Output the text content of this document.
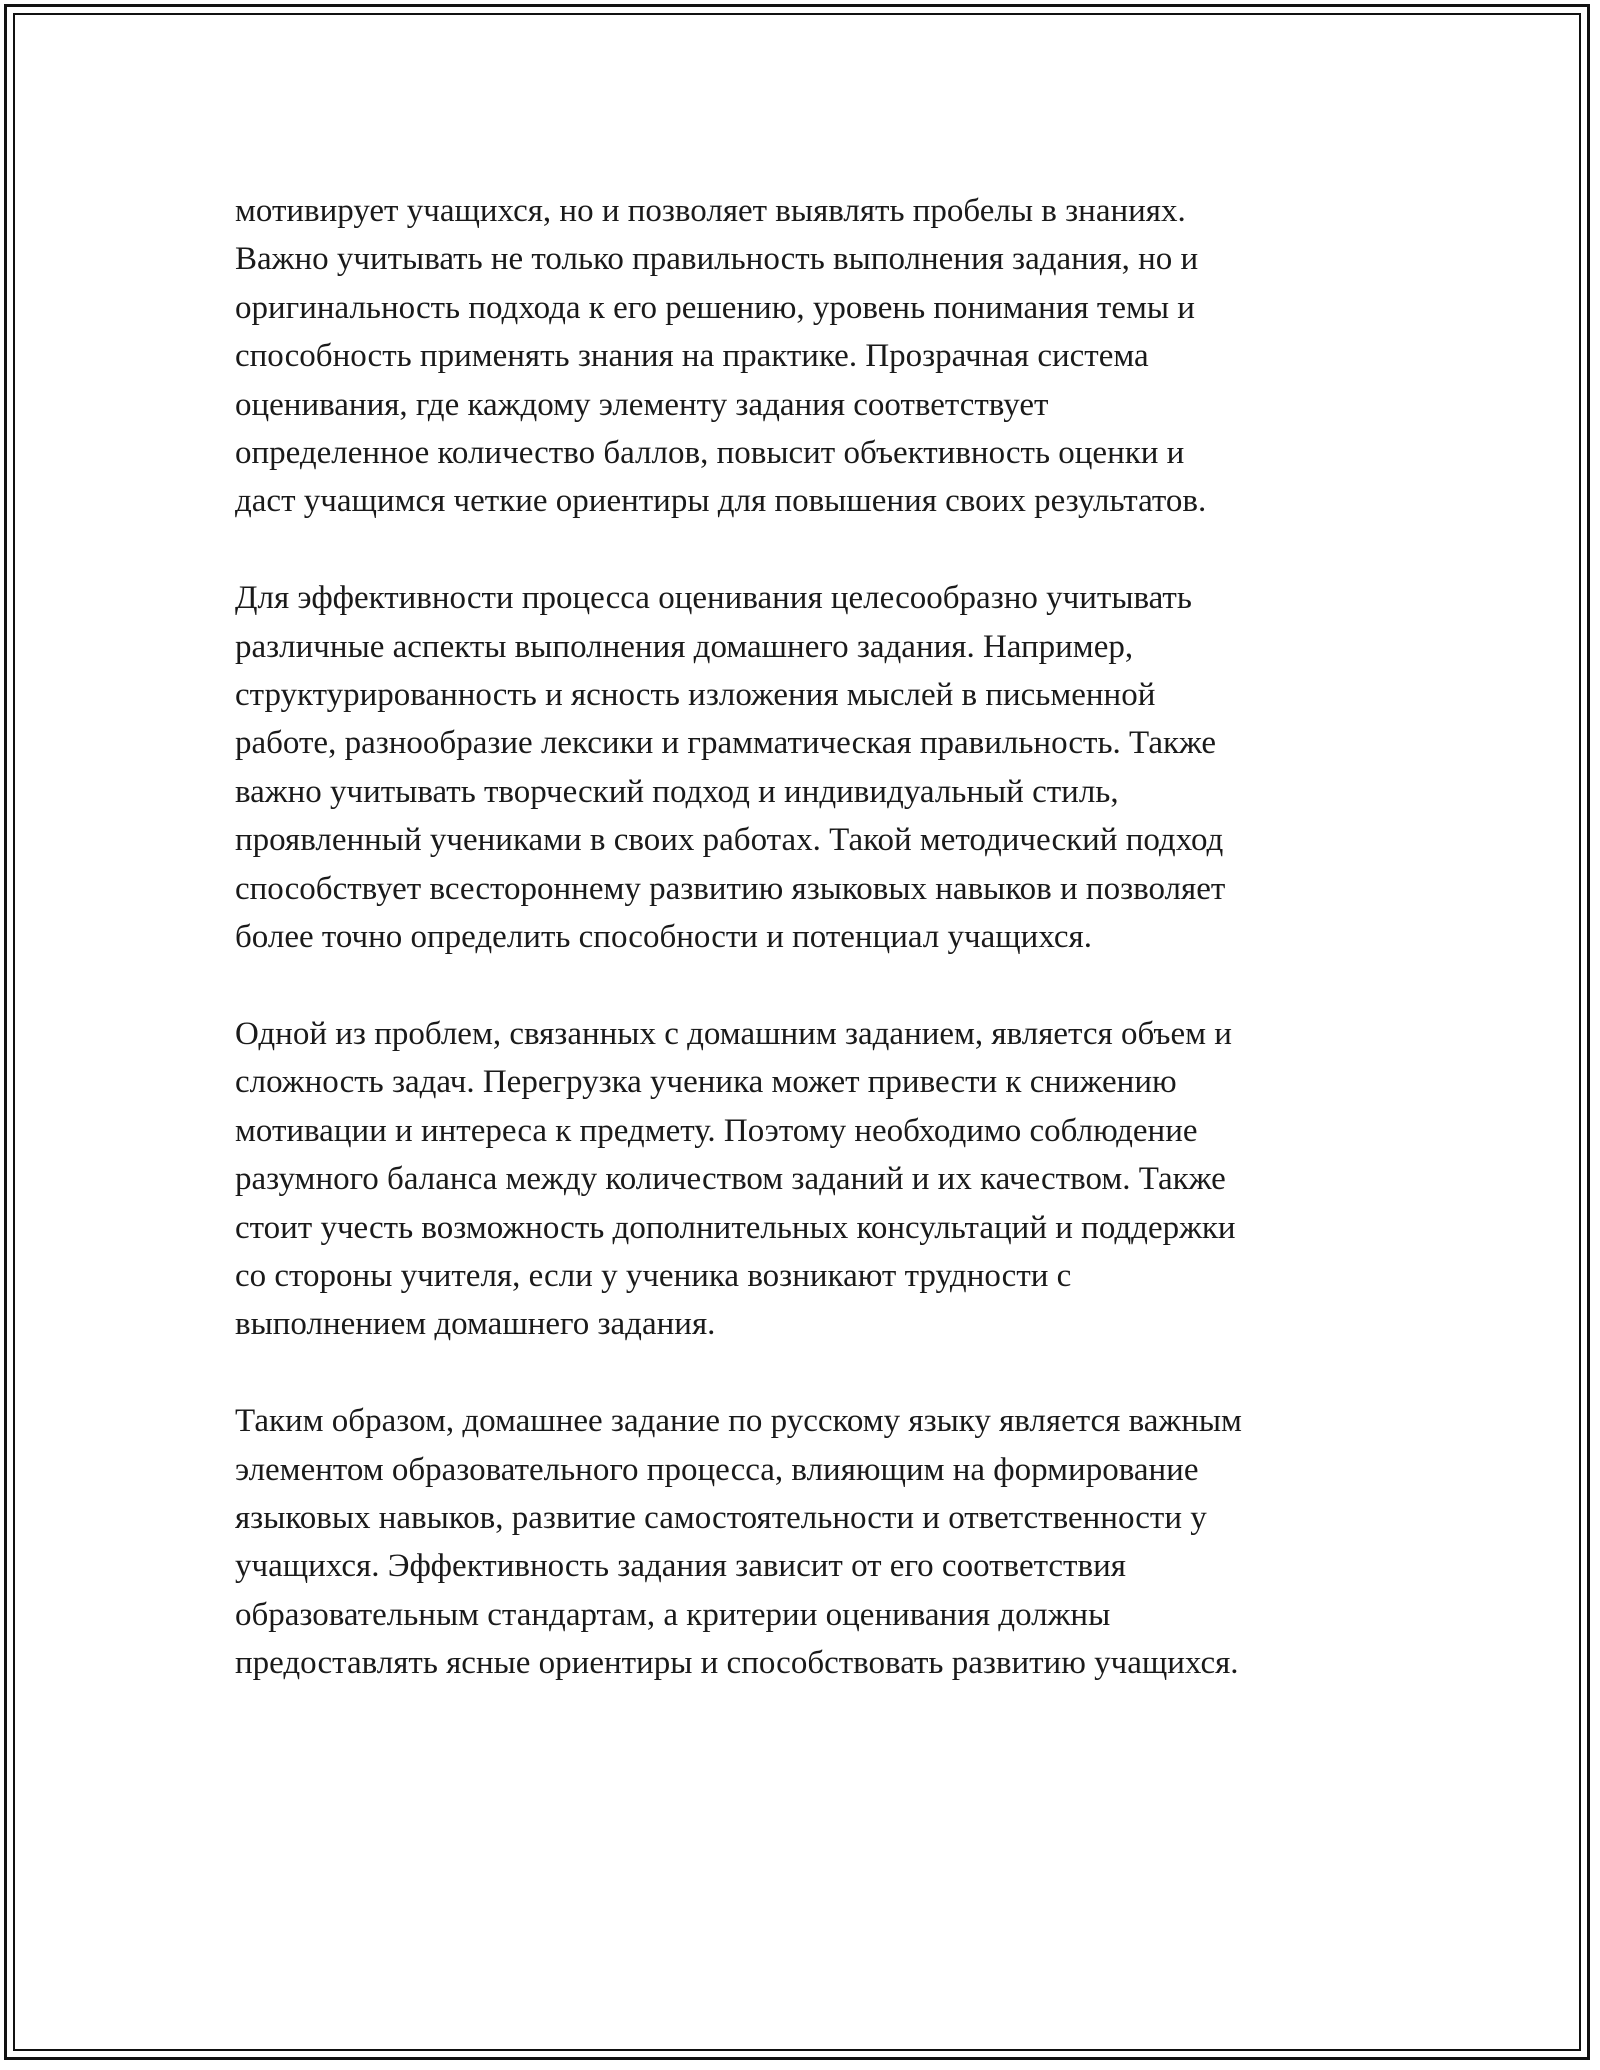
мотивирует учащихся, но и позволяет выявлять пробелы в знаниях.
Важно учитывать не только правильность выполнения задания, но и
оригинальность подхода к его решению, уровень понимания темы и
способность применять знания на практике. Прозрачная система
оценивания, где каждому элементу задания соответствует
определенное количество баллов, повысит объективность оценки и
даст учащимся четкие ориентиры для повышения своих результатов.

Для эффективности процесса оценивания целесообразно учитывать
различные аспекты выполнения домашнего задания. Например,
структурированность и ясность изложения мыслей в письменной
работе, разнообразие лексики и грамматическая правильность. Также
важно учитывать творческий подход и индивидуальный стиль,
проявленный учениками в своих работах. Такой методический подход
способствует всестороннему развитию языковых навыков и позволяет
более точно определить способности и потенциал учащихся.

Одной из проблем, связанных с домашним заданием, является объем и
сложность задач. Перегрузка ученика может привести к снижению
мотивации и интереса к предмету. Поэтому необходимо соблюдение
разумного баланса между количеством заданий и их качеством. Также
стоит учесть возможность дополнительных консультаций и поддержки
со стороны учителя, если у ученика возникают трудности с
выполнением домашнего задания.

Таким образом, домашнее задание по русскому языку является важным
элементом образовательного процесса, влияющим на формирование
языковых навыков, развитие самостоятельности и ответственности у
учащихся. Эффективность задания зависит от его соответствия
образовательным стандартам, а критерии оценивания должны
предоставлять ясные ориентиры и способствовать развитию учащихся.
